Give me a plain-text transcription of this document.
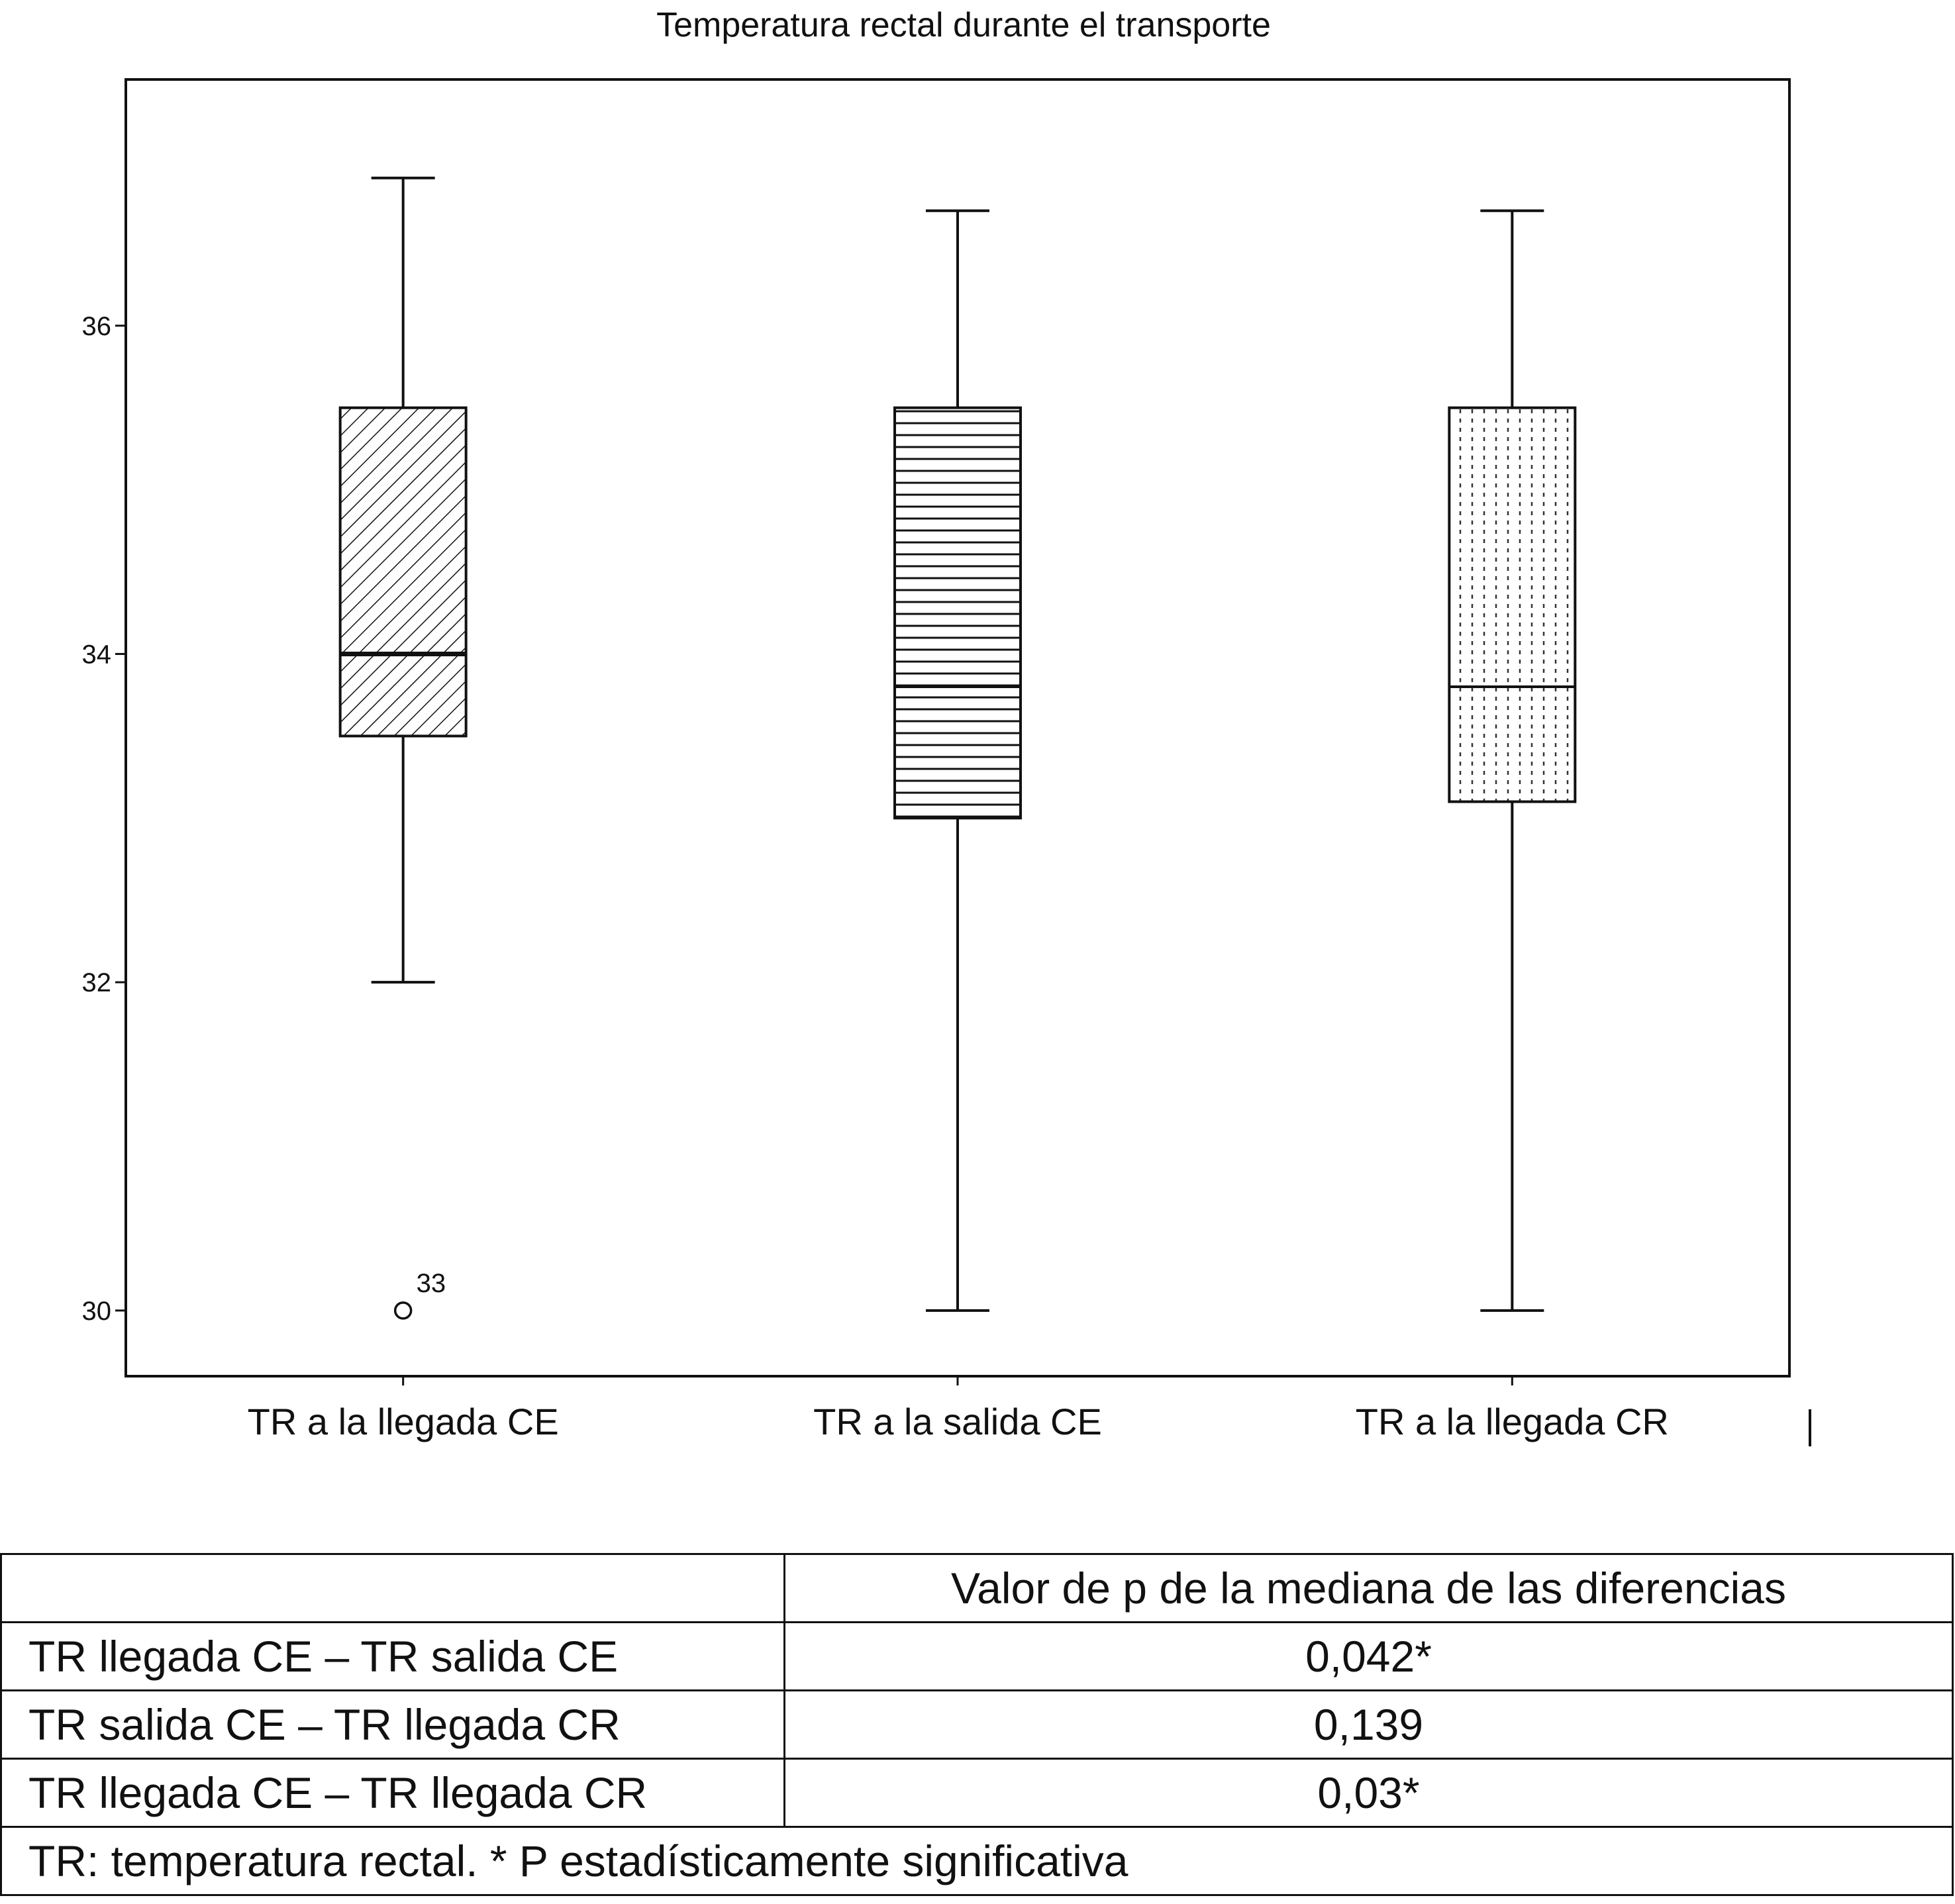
Temperatura rectal durante el transporte
30
32
34
36
33
TR a la llegada CE	TR a la salida CE	TR a la llegada CR
	Valor de p de la mediana de las diferencias
TR llegada CE – TR salida CE	0,042*
TR salida CE – TR llegada CR	0,139
TR llegada CE – TR llegada CR	0,03*
TR: temperatura rectal. * P estadísticamente significativa	
